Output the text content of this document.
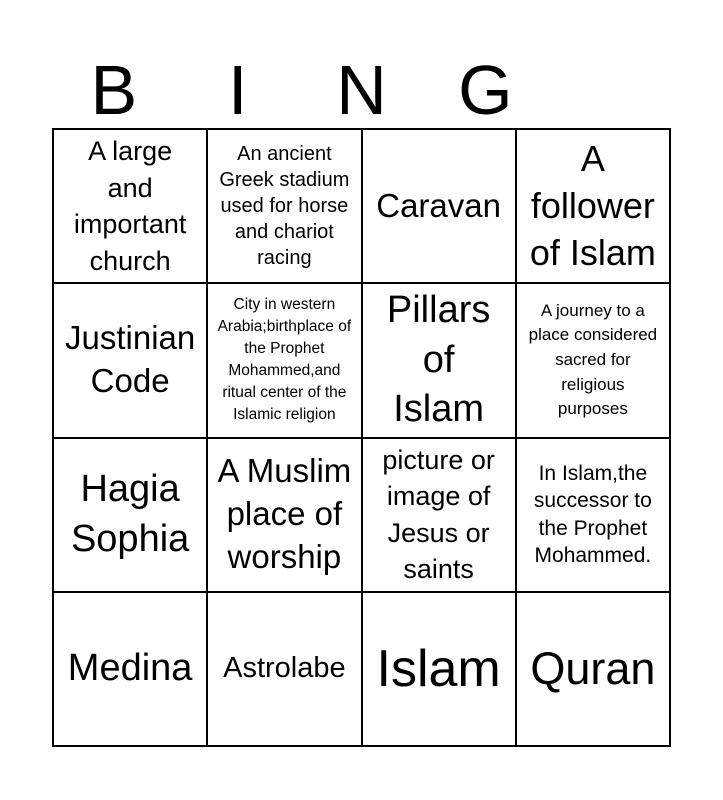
B	I	N	G
A large and important church
An ancient Greek stadium used for horse and chariot racing
Caravan
A follower of Islam
Justinian Code
City in western Arabia;birthplace of the Prophet Mohammed,and ritual center of the Islamic religion
Pillars of Islam
A journey to a place considered sacred for religious purposes
Hagia Sophia
A Muslim place of worship
picture or image of Jesus or saints
In Islam,the successor to the Prophet Mohammed.
Medina Astrolabe Islam Quran
